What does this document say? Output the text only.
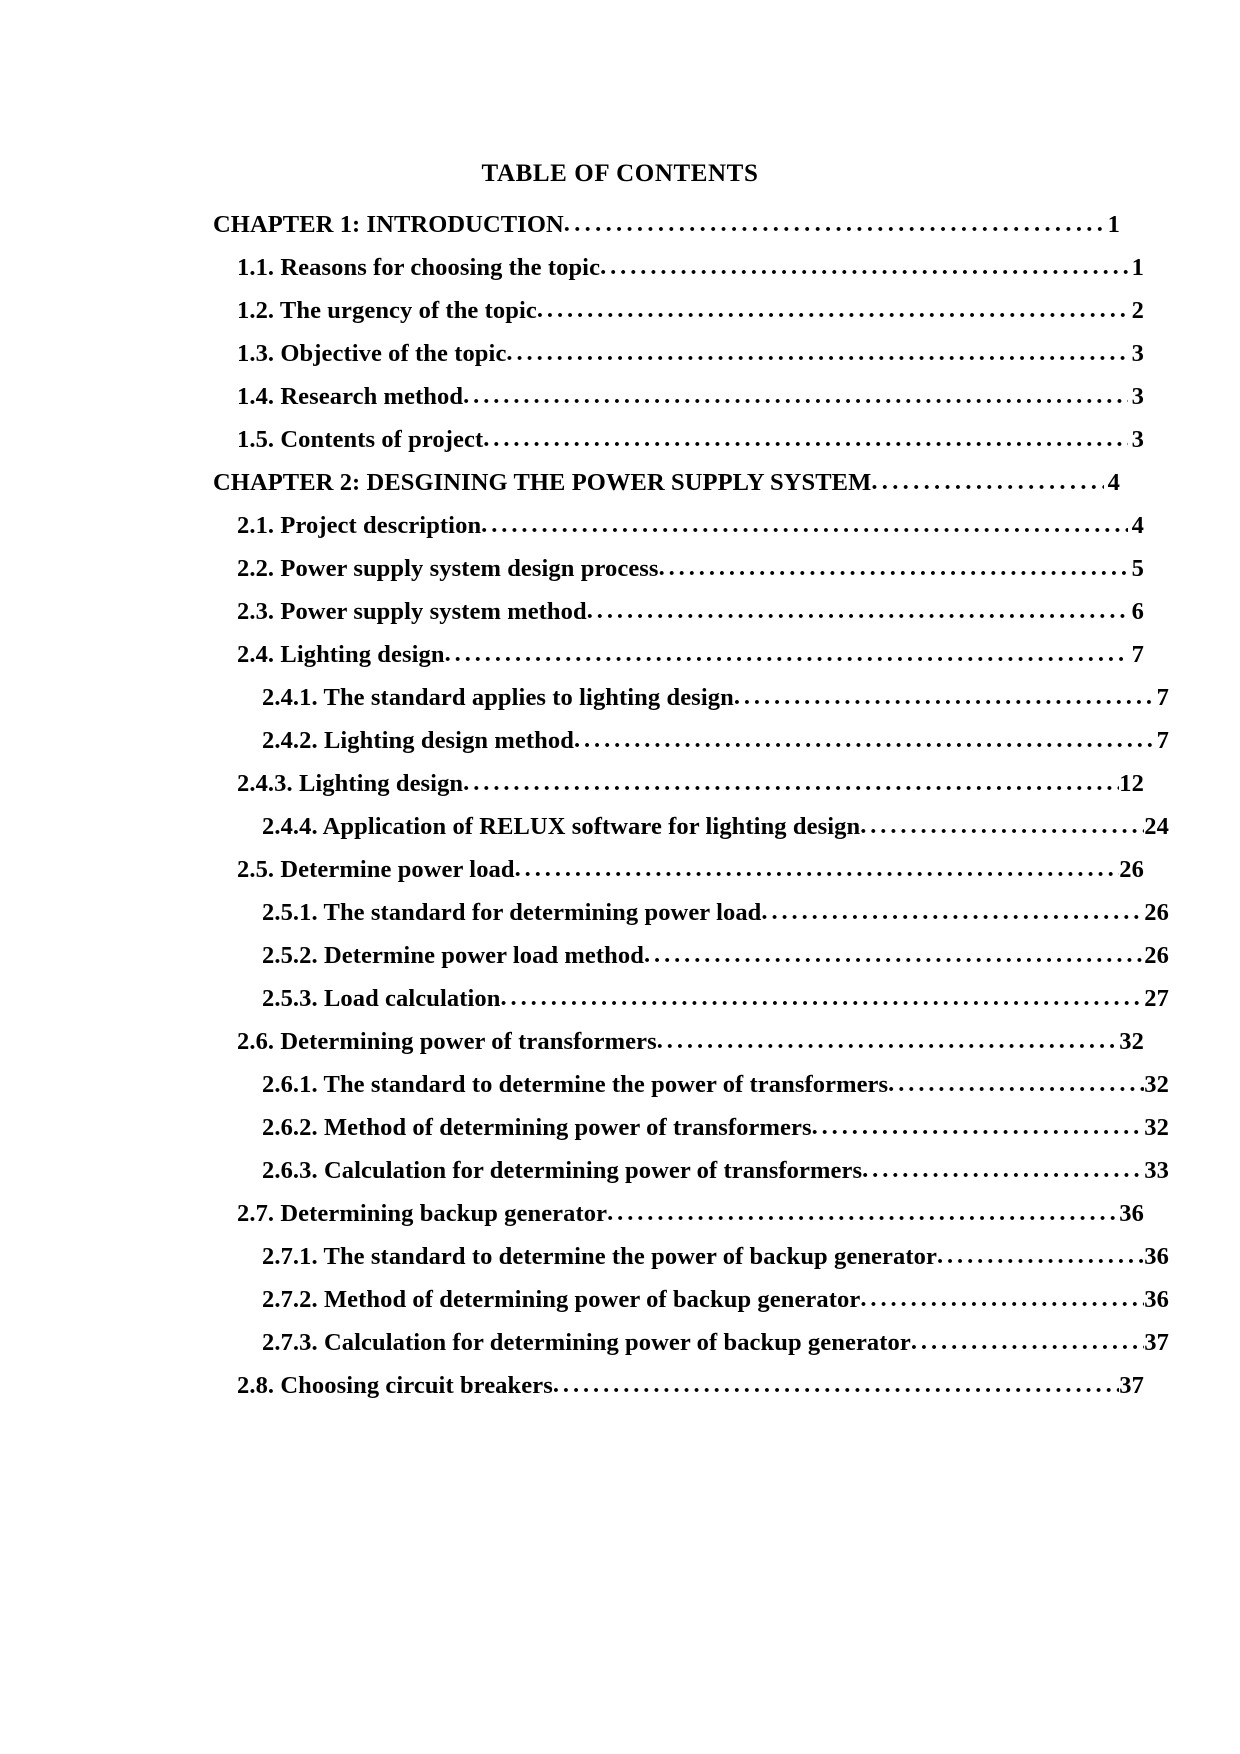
TABLE OF CONTENTS
CHAPTER 1: INTRODUCTION . . .	1
1.1. Reasons for choosing the topic . . .	1
1.2. The urgency of the topic . . .	2
1.3. Objective of the topic . . .	3
1.4. Research method . . .	3
1.5. Contents of project . . .	3
CHAPTER 2: DESGINING THE POWER SUPPLY SYSTEM . . .	4
2.1. Project description . . .	4
2.2. Power supply system design process . . .	5
2.3. Power supply system method . . .	6
2.4. Lighting design . . .	7
2.4.1. The standard applies to lighting design . . .	7
2.4.2. Lighting design method . . .	7
2.4.3. Lighting design . . .	12
2.4.4. Application of RELUX software for lighting design . . .	24
2.5. Determine power load . . .	26
2.5.1. The standard for determining power load . . .	26
2.5.2. Determine power load method . . .	26
2.5.3. Load calculation . . .	27
2.6. Determining power of transformers . . .	32
2.6.1. The standard to determine the power of transformers . . .	32
2.6.2. Method of determining power of transformers . . .	32
2.6.3. Calculation for determining power of transformers . . .	33
2.7. Determining backup generator . . .	36
2.7.1. The standard to determine the power of backup generator . . .	36
2.7.2. Method of determining power of backup generator . . .	36
2.7.3. Calculation for determining power of backup generator . . .	37
2.8. Choosing circuit breakers . . .	37
